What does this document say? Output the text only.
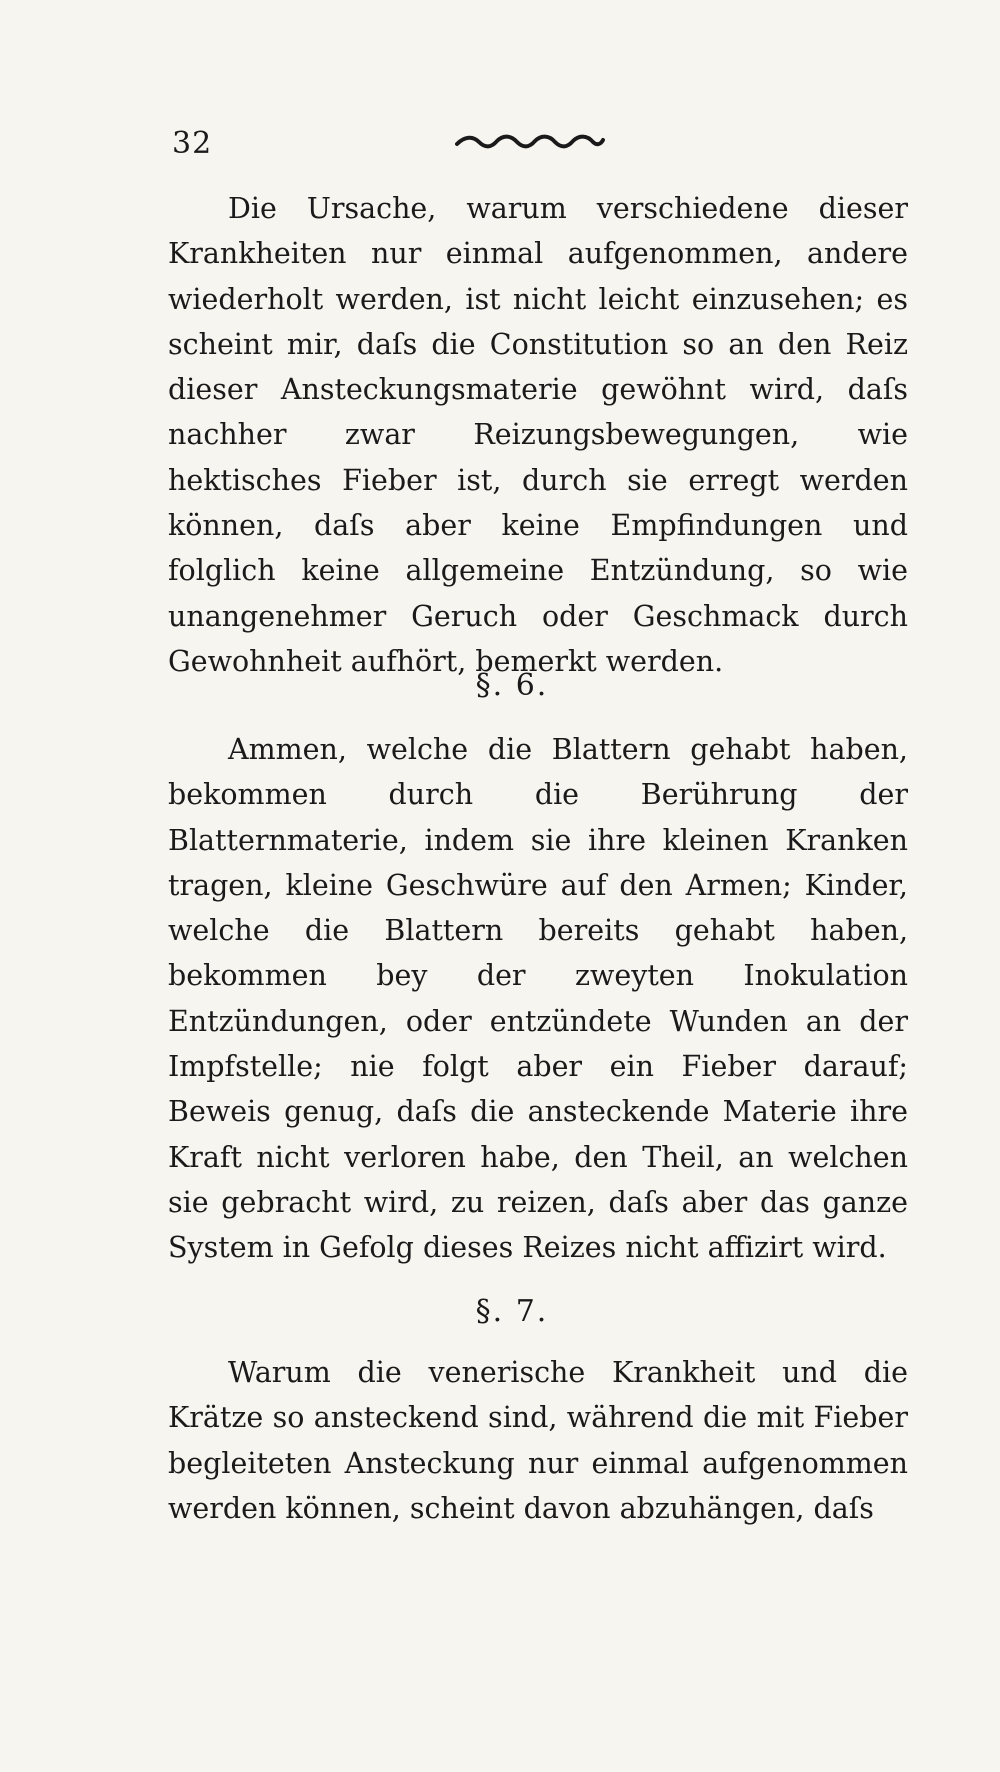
32

Die Ursache, warum verschiedene dieser Krankheiten nur einmal aufgenommen, andere wiederholt werden, ist nicht leicht einzusehen; es scheint mir, daſs die Constitution so an den Reiz dieser Ansteckungsmaterie gewöhnt wird, daſs nachher zwar Reizungsbewegungen, wie hektisches Fieber ist, durch sie erregt werden können, daſs aber keine Empfindungen und folglich keine allgemeine Entzündung, so wie unangenehmer Geruch oder Geschmack durch Gewohnheit aufhört, bemerkt werden.

§. 6.

Ammen, welche die Blattern gehabt haben, bekommen durch die Berührung der Blatternmaterie, indem sie ihre kleinen Kranken tragen, kleine Geschwüre auf den Armen; Kinder, welche die Blattern bereits gehabt haben, bekommen bey der zweyten Inokulation Entzündungen, oder entzündete Wunden an der Impfstelle; nie folgt aber ein Fieber darauf; Beweis genug, daſs die ansteckende Materie ihre Kraft nicht verloren habe, den Theil, an welchen sie gebracht wird, zu reizen, daſs aber das ganze System in Gefolg dieses Reizes nicht affizirt wird.

§. 7.

Warum die venerische Krankheit und die Krätze so ansteckend sind, während die mit Fieber begleiteten Ansteckung nur einmal aufgenommen werden können, scheint davon abzuhängen, daſs
